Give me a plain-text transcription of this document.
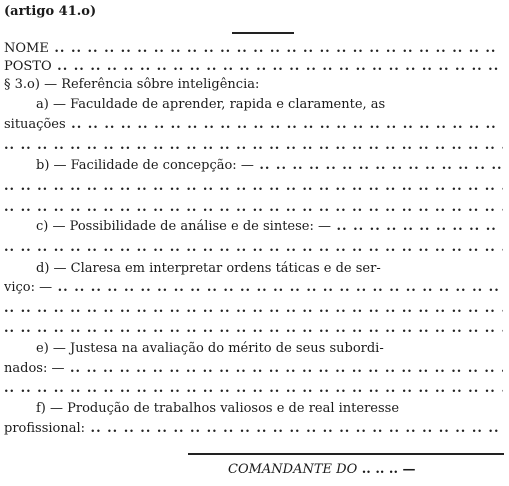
(artigo 41.o)
NOME .. ..
POSTO .. ..
§ 3.o) — Referência sôbre inteligência:
a) — Faculdade de aprender, rapida e claramente, as
situações .. ..
.. ..
b) — Facilidade de concepção: — .. ..
.. ..
.. ..
c) — Possibilidade de análise e de sintese: — .. ..
.. ..
d) — Claresa em interpretar ordens táticas e de ser-
viço: — .. ..
.. ..
.. ..
e) — Justesa na avaliação do mérito de seus subordi-
nados: — .. ..
.. ..
f) — Produção de trabalhos valiosos e de real interesse
profissional: .. ..
COMANDANTE DO .. .. .. —
